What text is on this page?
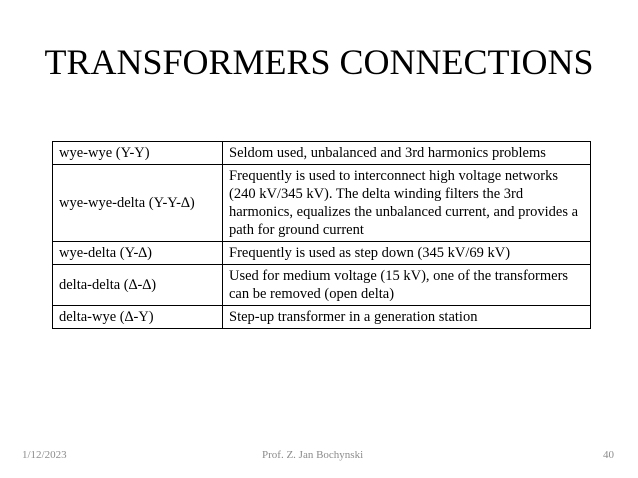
TRANSFORMERS CONNECTIONS
wye-wye (Y-Y)	Seldom used, unbalanced and 3rd harmonics problems
wye-wye-delta (Y-Y-∆)	Frequently is used to interconnect high voltage networks (240 kV/345 kV). The delta winding filters the 3rd harmonics, equalizes the unbalanced current, and provides a path for ground current
wye-delta (Y-∆)	Frequently is used as step down (345 kV/69 kV)
delta-delta (∆-∆)	Used for medium voltage (15 kV), one of the transformers can be removed (open delta)
delta-wye (∆-Y)	Step-up transformer in a generation station
1/12/2023	Prof. Z. Jan Bochynski	40
